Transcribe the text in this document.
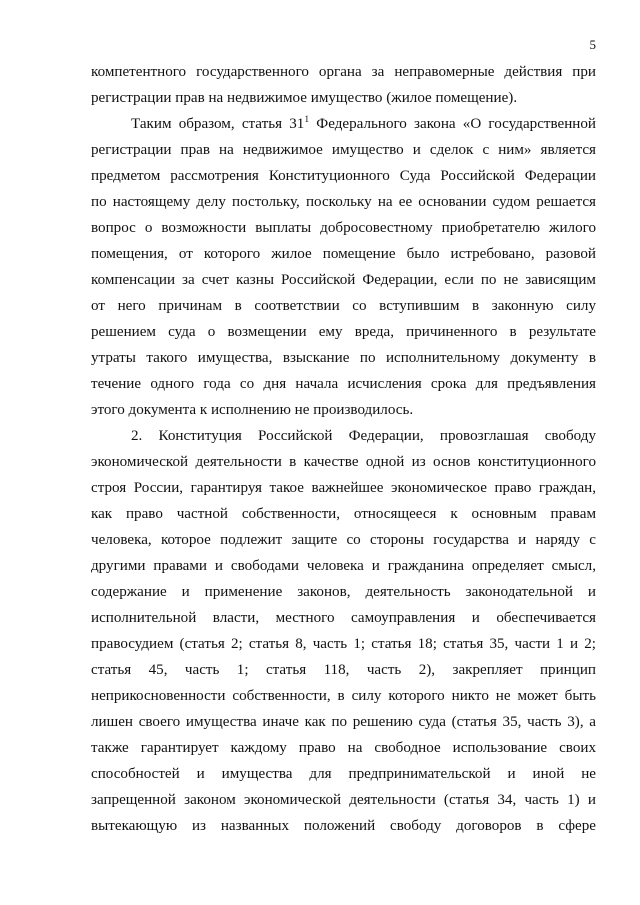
5
компетентного государственного органа за неправомерные действия при
регистрации прав на недвижимое имущество (жилое помещение).
Таким образом, статья $31^1$ Федерального закона «О государственной
регистрации прав на недвижимое имущество и сделок с ним» является
предметом рассмотрения Конституционного Суда Российской Федерации
по настоящему делу постольку, поскольку на ее основании судом решается
вопрос о возможности выплаты добросовестному приобретателю жилого
помещения, от которого жилое помещение было истребовано, разовой
компенсации за счет казны Российской Федерации, если по не зависящим
от него причинам в соответствии со вступившим в законную силу
решением суда о возмещении ему вреда, причиненного в результате
утраты такого имущества, взыскание по исполнительному документу в
течение одного года со дня начала исчисления срока для предъявления
этого документа к исполнению не производилось.
2. Конституция Российской Федерации, провозглашая свободу
экономической деятельности в качестве одной из основ конституционного
строя России, гарантируя такое важнейшее экономическое право граждан,
как право частной собственности, относящееся к основным правам
человека, которое подлежит защите со стороны государства и наряду с
другими правами и свободами человека и гражданина определяет смысл,
содержание и применение законов, деятельность законодательной и
исполнительной власти, местного самоуправления и обеспечивается
правосудием (статья 2; статья 8, часть 1; статья 18; статья 35, части 1 и 2;
статья 45, часть 1; статья 118, часть 2), закрепляет принцип
неприкосновенности собственности, в силу которого никто не может быть
лишен своего имущества иначе как по решению суда (статья 35, часть 3), а
также гарантирует каждому право на свободное использование своих
способностей и имущества для предпринимательской и иной не
запрещенной законом экономической деятельности (статья 34, часть 1) и
вытекающую из названных положений свободу договоров в сфере
